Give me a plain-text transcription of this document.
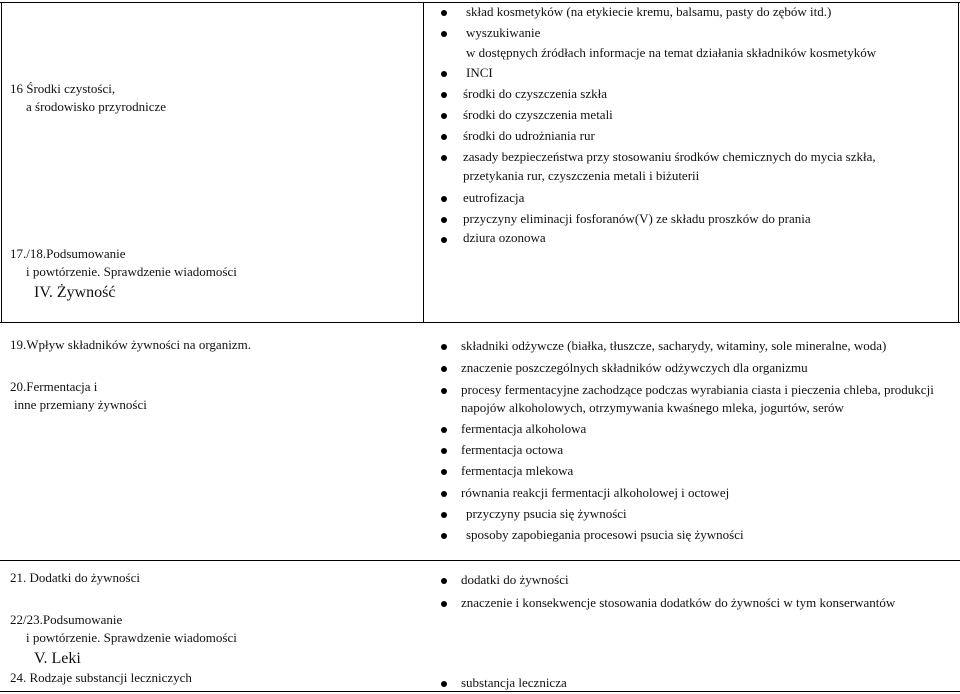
16 Środki czystości,
a środowisko przyrodnicze
17./18.Podsumowanie
i powtórzenie. Sprawdzenie wiadomości
IV. Żywność
skład kosmetyków (na etykiecie kremu, balsamu, pasty do zębów itd.)
wyszukiwanie
w dostępnych źródłach informacje na temat działania składników kosmetyków
INCI
środki do czyszczenia szkła
środki do czyszczenia metali
środki do udrożniania rur
zasady bezpieczeństwa przy stosowaniu środków chemicznych do mycia szkła,
przetykania rur, czyszczenia metali i biżuterii
eutrofizacja
przyczyny eliminacji fosforanów(V) ze składu proszków do prania
dziura ozonowa
19.Wpływ składników żywności na organizm.
20.Fermentacja i
inne przemiany żywności
składniki odżywcze (białka, tłuszcze, sacharydy, witaminy, sole mineralne, woda)
znaczenie poszczególnych składników odżywczych dla organizmu
procesy fermentacyjne zachodzące podczas wyrabiania ciasta i pieczenia chleba, produkcji
napojów alkoholowych, otrzymywania kwaśnego mleka, jogurtów, serów
fermentacja alkoholowa
fermentacja octowa
fermentacja mlekowa
równania reakcji fermentacji alkoholowej i octowej
przyczyny psucia się żywności
sposoby zapobiegania procesowi psucia się żywności
21. Dodatki do żywności
22/23.Podsumowanie
i powtórzenie. Sprawdzenie wiadomości
V. Leki
24. Rodzaje substancji leczniczych
dodatki do żywności
znaczenie i konsekwencje stosowania dodatków do żywności w tym konserwantów
substancja lecznicza
